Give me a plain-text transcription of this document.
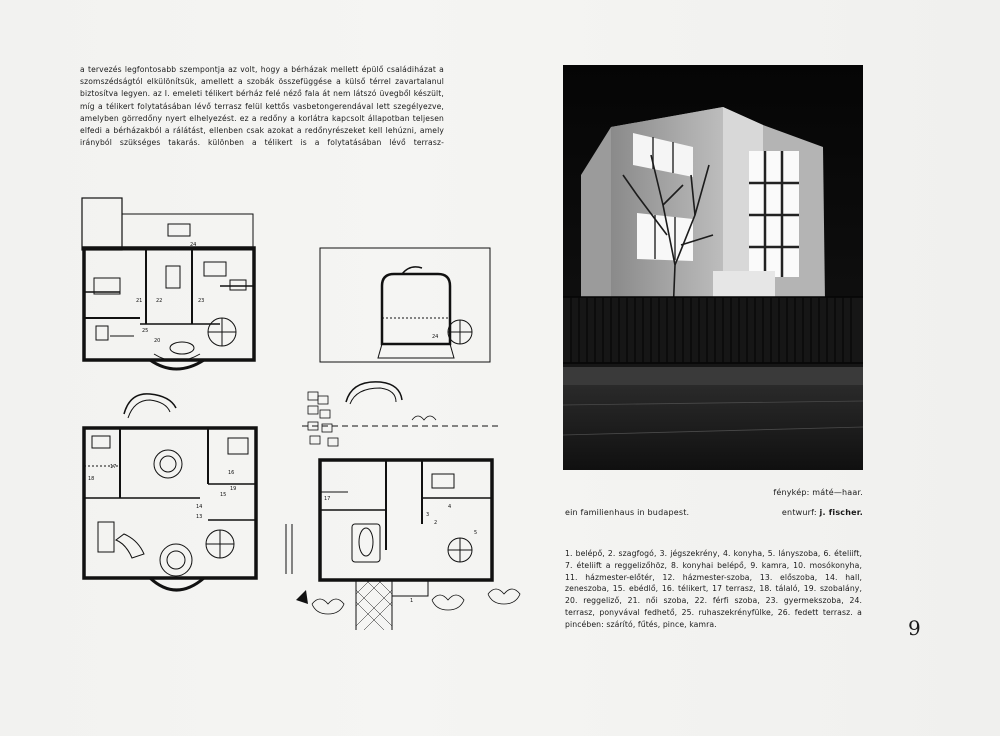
a tervezés legfontosabb szempontja az volt, hogy a bérházak mellett épülő családiházat a szomszédságtól elkülönítsük, amellett a szobák összefüggése a külső térrel zavartalanul biztosítva legyen. az I. emeleti télikert bérház felé néző fala át nem látszó üvegből készült, míg a télikert folytatásában lévő terrasz felül kettős vasbetongerendával lett szegélyezve, amelyben görredőny nyert elhelyezést. ez a redőny a korlátra kapcsolt állapotban teljesen elfedi a bérházakból a rálátást, ellenben csak azokat a redőnyrészeket kell lehúzni, amely irányból szükséges takarás. különben a télikert is a folytatásában lévő terrasz-

24
21	22	23
25
20
24
17
18
16
15
14
13
19
17
1
3
2
4
5
fénykép: máté—haar.
ein familienhaus in budapest.	entwurf: j. fischer.
1. belépő, 2. szagfogó, 3. jégszekrény, 4. konyha, 5. lányszoba, 6. ételiift, 7. ételiift a reggelizőhöz, 8. konyhai belépő, 9. kamra, 10. mosókonyha, 11. házmester-előtér, 12. házmester-szoba, 13. előszoba, 14. hall, zeneszoba, 15. ebédlő, 16. télikert, 17 terrasz, 18. tálaló, 19. szobalány, 20. reggeliző, 21. női szoba, 22. férfi szoba, 23. gyermekszoba, 24. terrasz, ponyvával fedhető, 25. ruhaszekrényfülke, 26. fedett terrasz. a pincében: szárító, fűtés, pince, kamra.	9
